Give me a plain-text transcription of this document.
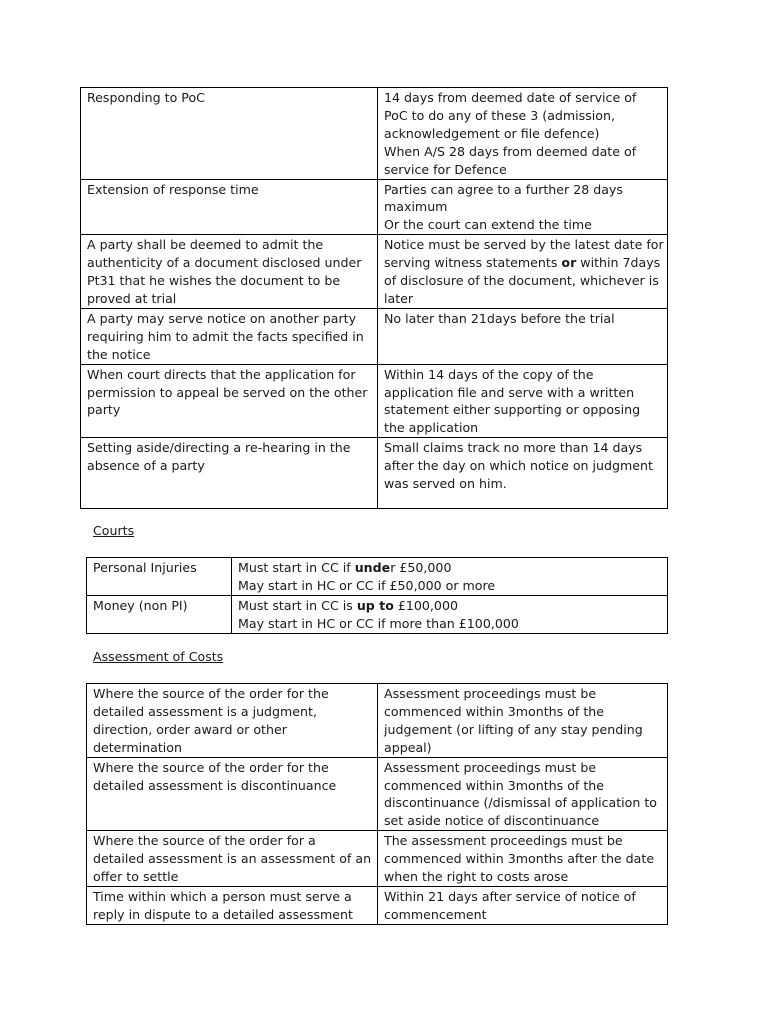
Responding to PoC	14 days from deemed date of service of
PoC to do any of these 3 (admission,
acknowledgement or file defence)
When A/S 28 days from deemed date of
service for Defence

Extension of response time	Parties can agree to a further 28 days
maximum
Or the court can extend the time

A party shall be deemed to admit the
authenticity of a document disclosed under
Pt31 that he wishes the document to be
proved at trial	Notice must be served by the latest date for
serving witness statements or within 7days
of disclosure of the document, whichever is
later

A party may serve notice on another party
requiring him to admit the facts specified in
the notice	No later than 21days before the trial

When court directs that the application for
permission to appeal be served on the other
party	Within 14 days of the copy of the
application file and serve with a written
statement either supporting or opposing
the application

Setting aside/directing a re-hearing in the
absence of a party	Small claims track no more than 14 days
after the day on which notice on judgment
was served on him.
Courts
Personal Injuries	Must start in CC if under £50,000
May start in HC or CC if £50,000 or more

Money (non PI)	Must start in CC is up to £100,000
May start in HC or CC if more than £100,000
Assessment of Costs
Where the source of the order for the
detailed assessment is a judgment,
direction, order award or other
determination	Assessment proceedings must be
commenced within 3months of the
judgement (or lifting of any stay pending
appeal)

Where the source of the order for the
detailed assessment is discontinuance	Assessment proceedings must be
commenced within 3months of the
discontinuance (/dismissal of application to
set aside notice of discontinuance

Where the source of the order for a
detailed assessment is an assessment of an
offer to settle	The assessment proceedings must be
commenced within 3months after the date
when the right to costs arose

Time within which a person must serve a
reply in dispute to a detailed assessment	Within 21 days after service of notice of
commencement
